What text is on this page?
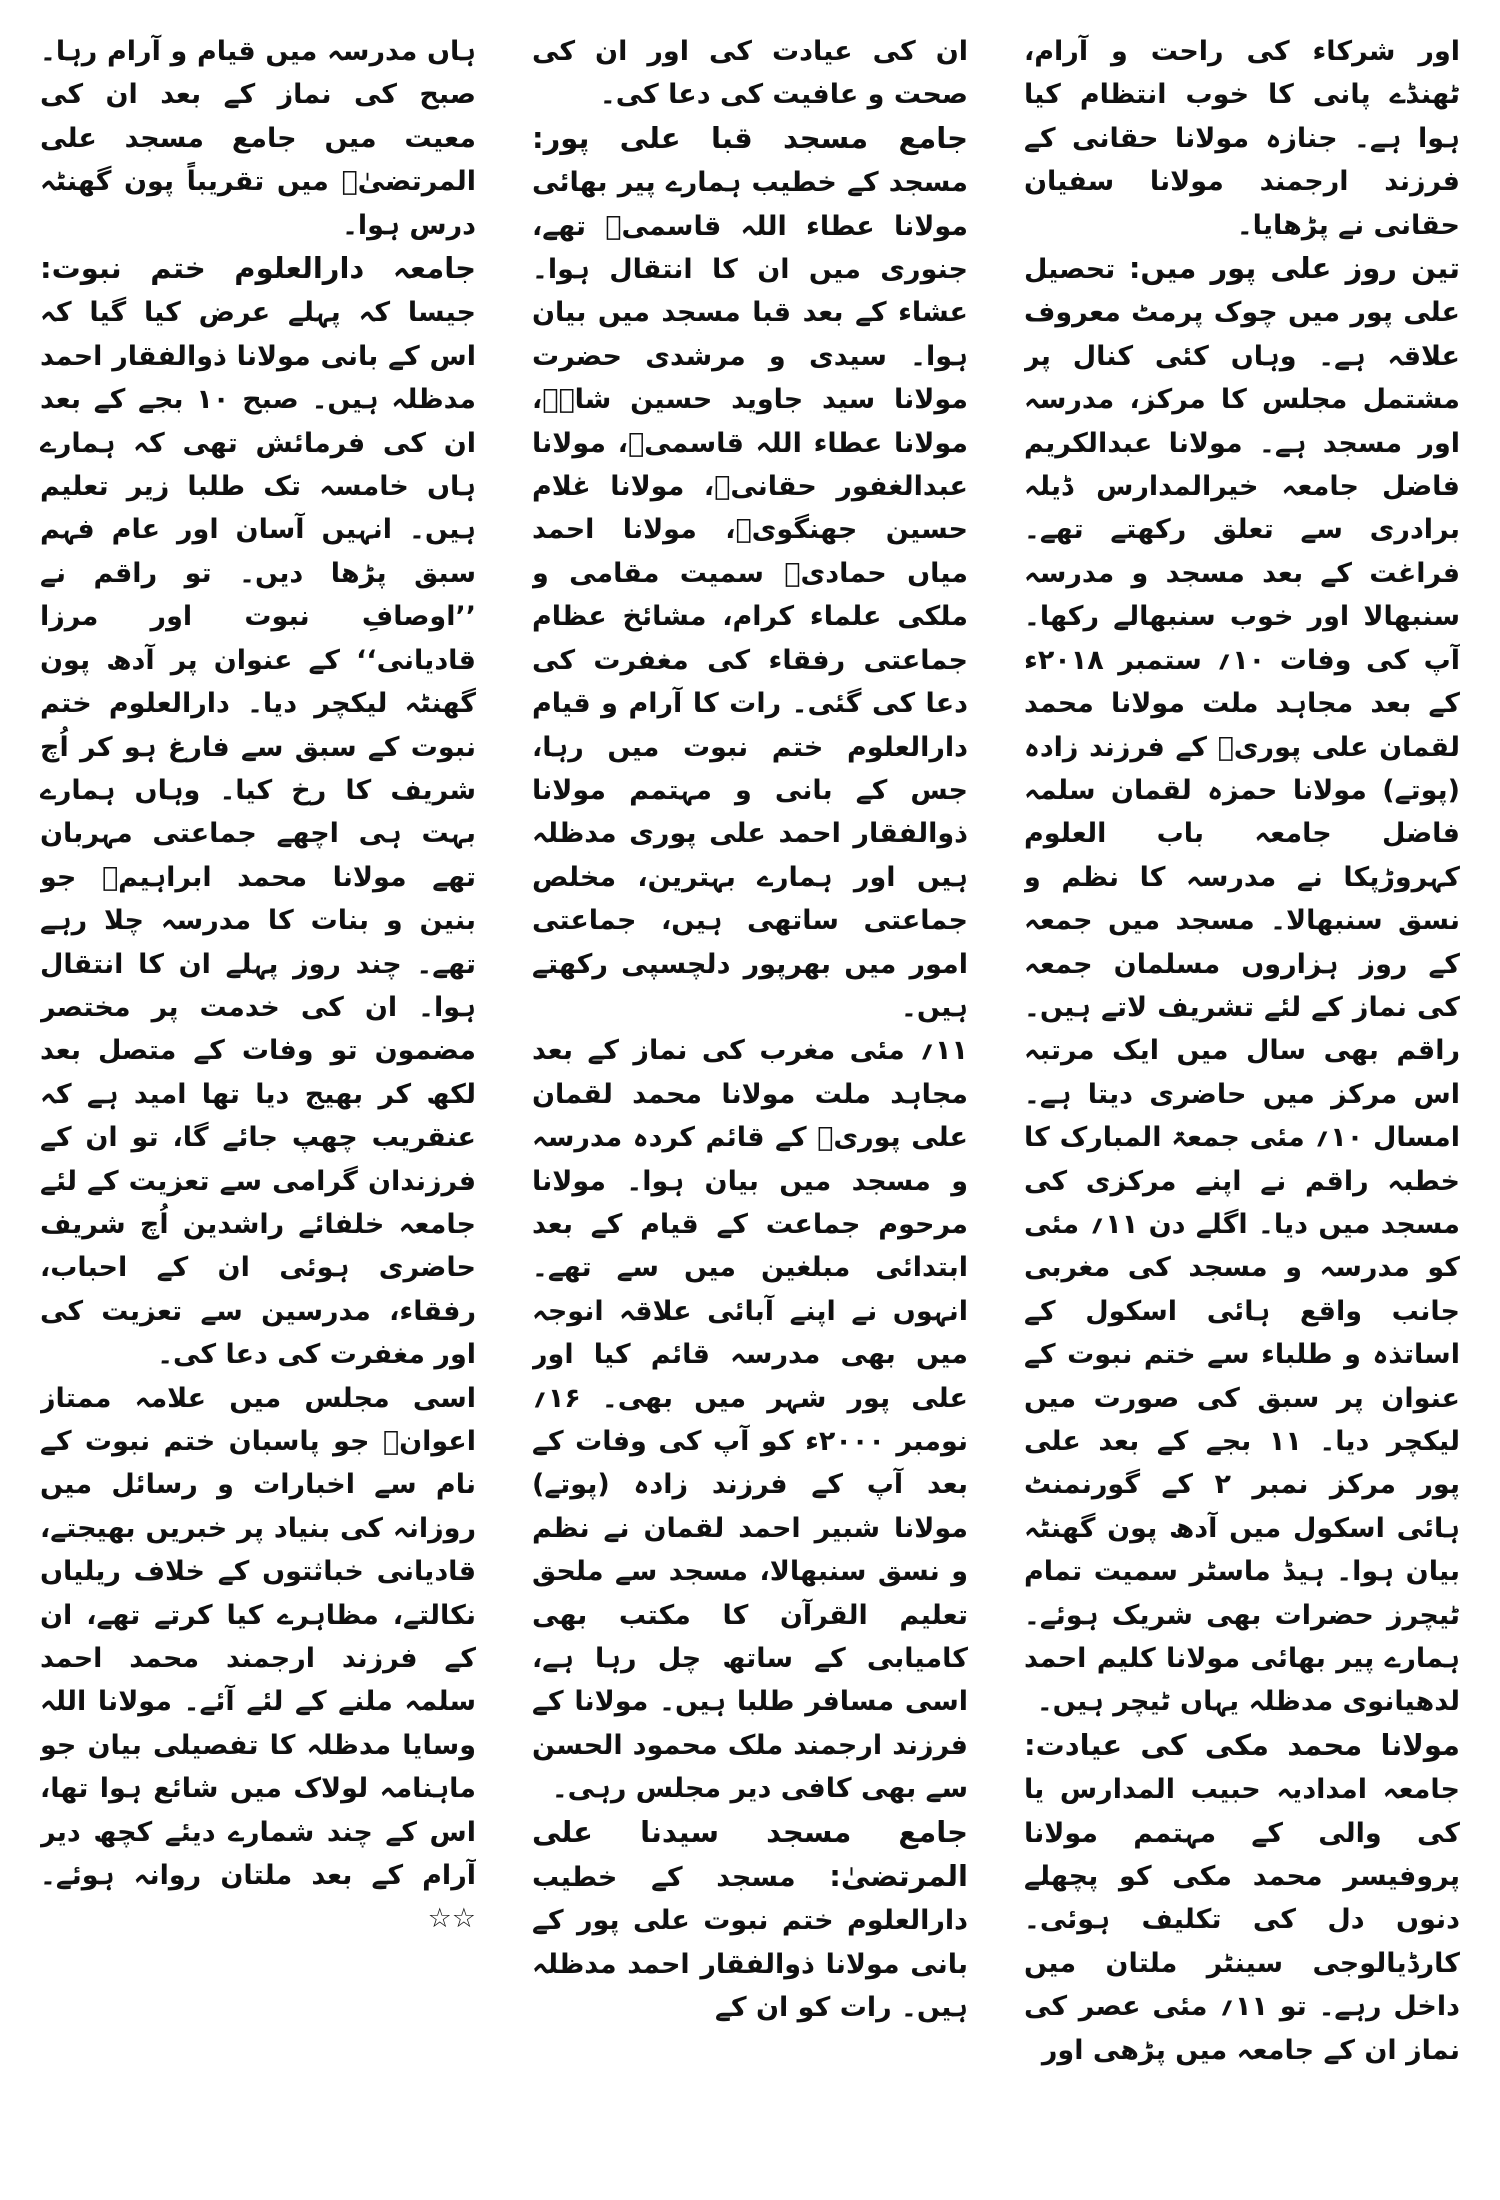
اور شرکاء کی راحت و آرام، ٹھنڈے پانی کا خوب انتظام کیا ہوا ہے۔ جنازہ مولانا حقانی کے فرزند ارجمند مولانا سفیان حقانی نے پڑھایا۔

تین روز علی پور میں: تحصیل علی پور میں چوک پرمٹ معروف علاقہ ہے۔ وہاں کئی کنال پر مشتمل مجلس کا مرکز، مدرسہ اور مسجد ہے۔ مولانا عبدالکریم فاضل جامعہ خیرالمدارس ڈیلہ برادری سے تعلق رکھتے تھے۔ فراغت کے بعد مسجد و مدرسہ سنبھالا اور خوب سنبھالے رکھا۔ آپ کی وفات ۱۰؍ ستمبر ۲۰۱۸ء کے بعد مجاہد ملت مولانا محمد لقمان علی پوریؒ کے فرزند زادہ (پوتے) مولانا حمزہ لقمان سلمہ فاضل جامعہ باب العلوم کہروڑپکا نے مدرسہ کا نظم و نسق سنبھالا۔ مسجد میں جمعہ کے روز ہزاروں مسلمان جمعہ کی نماز کے لئے تشریف لاتے ہیں۔ راقم بھی سال میں ایک مرتبہ اس مرکز میں حاضری دیتا ہے۔ امسال ۱۰؍ مئی جمعۃ المبارک کا خطبہ راقم نے اپنے مرکزی کی مسجد میں دیا۔ اگلے دن ۱۱؍ مئی کو مدرسہ و مسجد کی مغربی جانب واقع ہائی اسکول کے اساتذہ و طلباء سے ختم نبوت کے عنوان پر سبق کی صورت میں لیکچر دیا۔ ۱۱ بجے کے بعد علی پور مرکز نمبر ۲ کے گورنمنٹ ہائی اسکول میں آدھ پون گھنٹہ بیان ہوا۔ ہیڈ ماسٹر سمیت تمام ٹیچرز حضرات بھی شریک ہوئے۔ ہمارے پیر بھائی مولانا کلیم احمد لدھیانوی مدظلہ یہاں ٹیچر ہیں۔

مولانا محمد مکی کی عیادت: جامعہ امدادیہ حبیب المدارس یا کی والی کے مہتمم مولانا پروفیسر محمد مکی کو پچھلے دنوں دل کی تکلیف ہوئی۔ کارڈیالوجی سینٹر ملتان میں داخل رہے۔ تو ۱۱؍ مئی عصر کی نماز ان کے جامعہ میں پڑھی اور

ان کی عیادت کی اور ان کی صحت و عافیت کی دعا کی۔

جامع مسجد قبا علی پور: مسجد کے خطیب ہمارے پیر بھائی مولانا عطاء اللہ قاسمیؒ تھے، جنوری میں ان کا انتقال ہوا۔ عشاء کے بعد قبا مسجد میں بیان ہوا۔ سیدی و مرشدی حضرت مولانا سید جاوید حسین شاہؒ، مولانا عطاء اللہ قاسمیؒ، مولانا عبدالغفور حقانیؒ، مولانا غلام حسین جھنگویؒ، مولانا احمد میاں حمادیؒ سمیت مقامی و ملکی علماء کرام، مشائخ عظام جماعتی رفقاء کی مغفرت کی دعا کی گئی۔ رات کا آرام و قیام دارالعلوم ختم نبوت میں رہا، جس کے بانی و مہتمم مولانا ذوالفقار احمد علی پوری مدظلہ ہیں اور ہمارے بہترین، مخلص جماعتی ساتھی ہیں، جماعتی امور میں بھرپور دلچسپی رکھتے ہیں۔

۱۱؍ مئی مغرب کی نماز کے بعد مجاہد ملت مولانا محمد لقمان علی پوریؒ کے قائم کردہ مدرسہ و مسجد میں بیان ہوا۔ مولانا مرحوم جماعت کے قیام کے بعد ابتدائی مبلغین میں سے تھے۔ انہوں نے اپنے آبائی علاقہ انوجہ میں بھی مدرسہ قائم کیا اور علی پور شہر میں بھی۔ ۱۶؍ نومبر ۲۰۰۰ء کو آپ کی وفات کے بعد آپ کے فرزند زادہ (پوتے) مولانا شبیر احمد لقمان نے نظم و نسق سنبھالا، مسجد سے ملحق تعلیم القرآن کا مکتب بھی کامیابی کے ساتھ چل رہا ہے، اسی مسافر طلبا ہیں۔ مولانا کے فرزند ارجمند ملک محمود الحسن سے بھی کافی دیر مجلس رہی۔

جامع مسجد سیدنا علی المرتضیٰ: مسجد کے خطیب دارالعلوم ختم نبوت علی پور کے بانی مولانا ذوالفقار احمد مدظلہ ہیں۔ رات کو ان کے

ہاں مدرسہ میں قیام و آرام رہا۔ صبح کی نماز کے بعد ان کی معیت میں جامع مسجد علی المرتضیٰؓ میں تقریباً پون گھنٹہ درس ہوا۔

جامعہ دارالعلوم ختم نبوت: جیسا کہ پہلے عرض کیا گیا کہ اس کے بانی مولانا ذوالفقار احمد مدظلہ ہیں۔ صبح ۱۰ بجے کے بعد ان کی فرمائش تھی کہ ہمارے ہاں خامسہ تک طلبا زیر تعلیم ہیں۔ انہیں آسان اور عام فہم سبق پڑھا دیں۔ تو راقم نے ’’اوصافِ نبوت اور مرزا قادیانی‘‘ کے عنوان پر آدھ پون گھنٹہ لیکچر دیا۔ دارالعلوم ختم نبوت کے سبق سے فارغ ہو کر اُچ شریف کا رخ کیا۔ وہاں ہمارے بہت ہی اچھے جماعتی مہربان تھے مولانا محمد ابراہیمؒ جو بنین و بنات کا مدرسہ چلا رہے تھے۔ چند روز پہلے ان کا انتقال ہوا۔ ان کی خدمت پر مختصر مضمون تو وفات کے متصل بعد لکھ کر بھیج دیا تھا امید ہے کہ عنقریب چھپ جائے گا، تو ان کے فرزندان گرامی سے تعزیت کے لئے جامعہ خلفائے راشدین اُچ شریف حاضری ہوئی ان کے احباب، رفقاء، مدرسین سے تعزیت کی اور مغفرت کی دعا کی۔

اسی مجلس میں علامہ ممتاز اعوانؒ جو پاسبان ختم نبوت کے نام سے اخبارات و رسائل میں روزانہ کی بنیاد پر خبریں بھیجتے، قادیانی خباثتوں کے خلاف ریلیاں نکالتے، مظاہرے کیا کرتے تھے، ان کے فرزند ارجمند محمد احمد سلمہ ملنے کے لئے آئے۔ مولانا اللہ وسایا مدظلہ کا تفصیلی بیان جو ماہنامہ لولاک میں شائع ہوا تھا، اس کے چند شمارے دیئے کچھ دیر آرام کے بعد ملتان روانہ ہوئے۔ ☆☆
